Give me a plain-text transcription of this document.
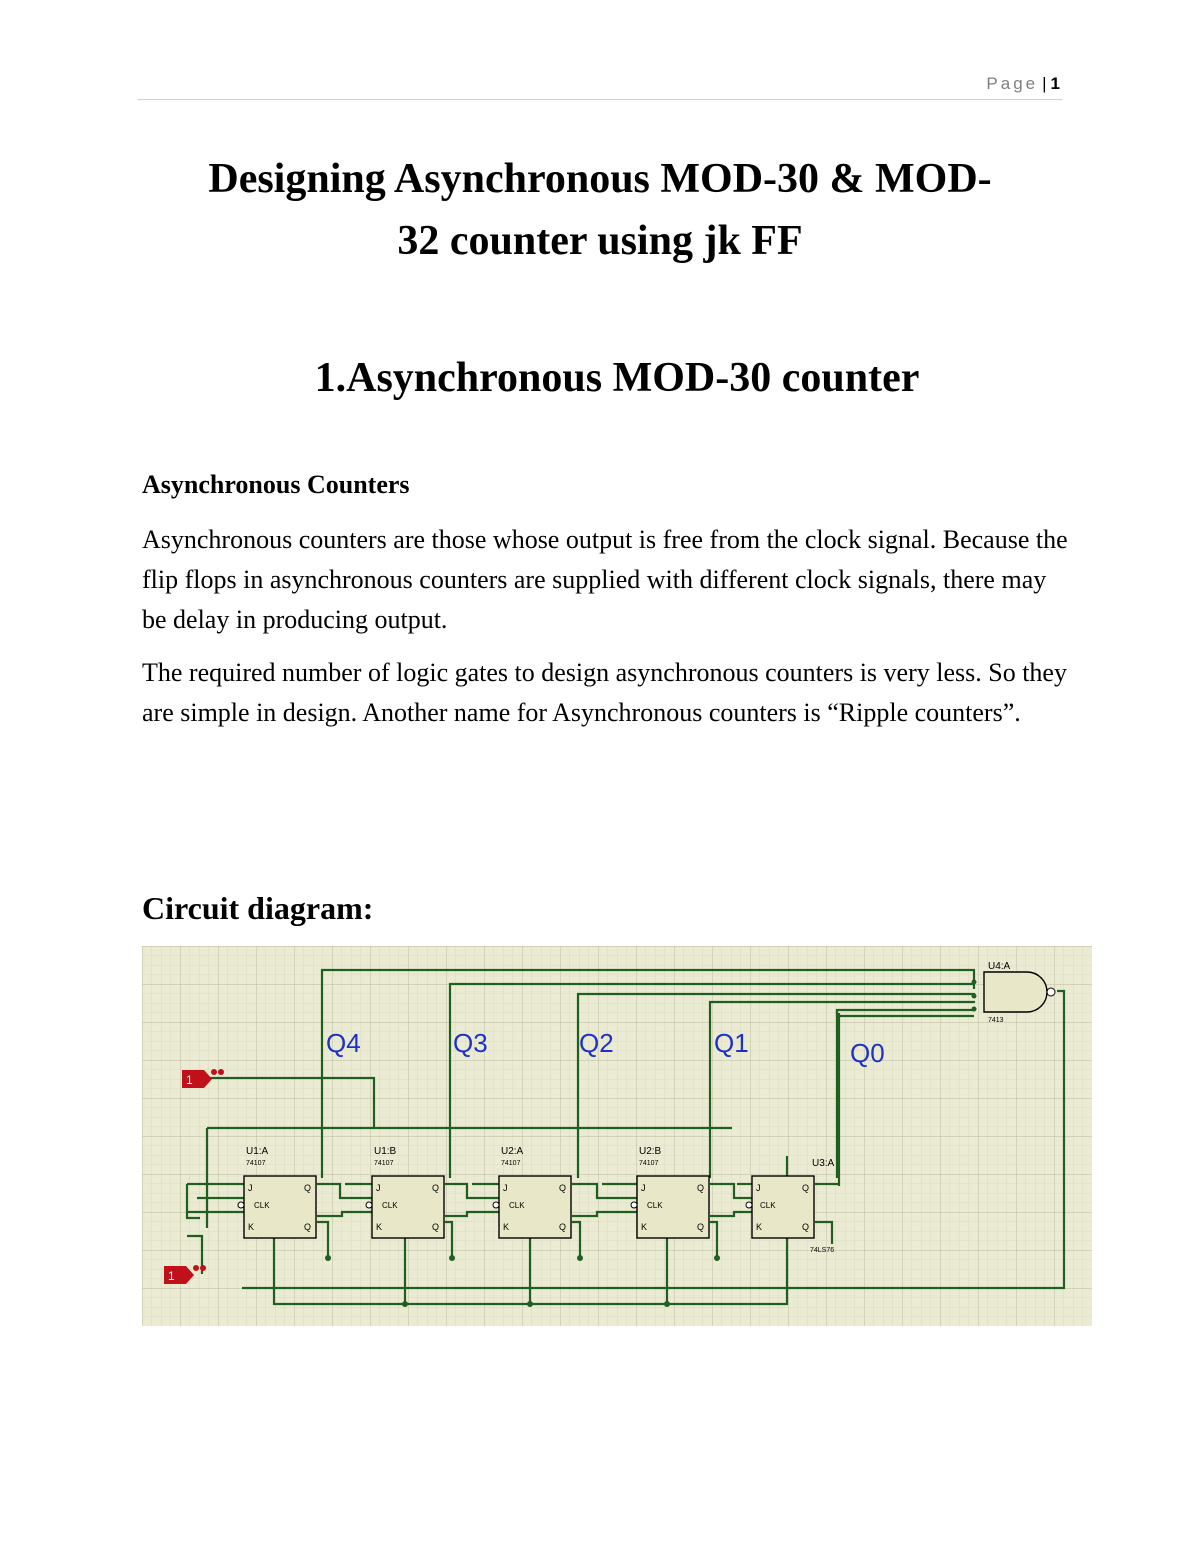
Page | 1
Designing Asynchronous MOD-30 & MOD-
32 counter using jk FF
1.Asynchronous MOD-30 counter
Asynchronous Counters

Asynchronous counters are those whose output is free from the clock signal. Because the flip flops in asynchronous counters are supplied with different clock signals, there may be delay in producing output.

The required number of logic gates to design asynchronous counters is very less. So they are simple in design. Another name for Asynchronous counters is “Ripple counters”.

Circuit diagram:
J
CLK
K
Q
Q
U1:A
74107
J
CLK
K
Q
Q
U1:B
74107
J
CLK
K
Q
Q
U2:A
74107
J
CLK
K
Q
Q
U2:B
74107
J
CLK
K
Q
Q
U3:A
74LS76
U4:A
7413
1
1
Q4	Q3	Q2	Q1	Q0
